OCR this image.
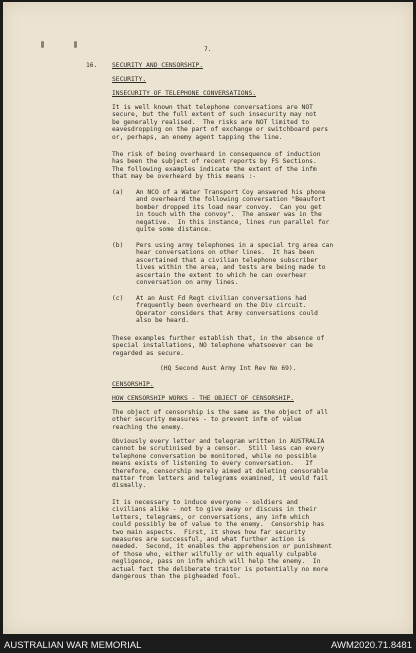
7.
16. SECURITY AND CENSORSHIP.
SECURITY.
INSECURITY OF TELEPHONE CONVERSATIONS.
It is well known that telephone conversations are NOT
secure, but the full extent of such insecurity may not
be generally realised.  The risks are NOT limited to
eavesdropping on the part of exchange or switchboard pers
or, perhaps, an enemy agent tapping the line.
The risk of being overheard in consequence of induction
has been the subject of recent reports by FS Sections.
The following examples indicate the extent of the infm
that may be overheard by this means :-
(a) An NCO of a Water Transport Coy answered his phone
and overheard the following conversation "Beaufort
bomber dropped its load near convoy.  Can you get
in touch with the convoy".  The answer was in the
negative.  In this instance, lines run parallel for
quite some distance.
(b) Pers using army telephones in a special trg area can
hear conversations on other lines.  It has been
ascertained that a civilian telephone subscriber
lives within the area, and tests are being made to
ascertain the extent to which he can overhear
conversation on army lines.
(c) At an Aust Fd Regt civilian conversations had
frequently been overheard on the Div circuit.
Operator considers that Army conversations could
also be heard.
These examples further establish that, in the absence of
special installations, NO telephone whatsoever can be
regarded as secure.
(HQ Second Aust Army Int Rev No 69).
CENSORSHIP.
HOW CENSORSHIP WORKS - THE OBJECT OF CENSORSHIP.
The object of censorship is the same as the object of all
other security measures - to prevent infm of value
reaching the enemy.
Obviously every letter and telegram written in AUSTRALIA
cannot be scrutinised by a censor.  Still less can every
telephone conversation be monitored, while no possible
means exists of listening to every conversation.   If
therefore, censorship merely aimed at deleting censorable
matter from letters and telegrams examined, it would fail
dismally.
It is necessary to induce everyone - soldiers and
civilians alike - not to give away or discuss in their
letters, telegrams, or conversations, any infm which
could possibly be of value to the enemy.  Censorship has
two main aspects.  First, it shows how far security
measures are successful, and what further action is
needed.  Second, it enables the apprehension or punishment
of those who, either wilfully or with equally culpable
negligence, pass on infm which will help the enemy.  In
actual fact the deliberate traitor is potentially no more
dangerous than the pigheaded fool.
AUSTRALIAN WAR MEMORIAL	AWM2020.71.8481
